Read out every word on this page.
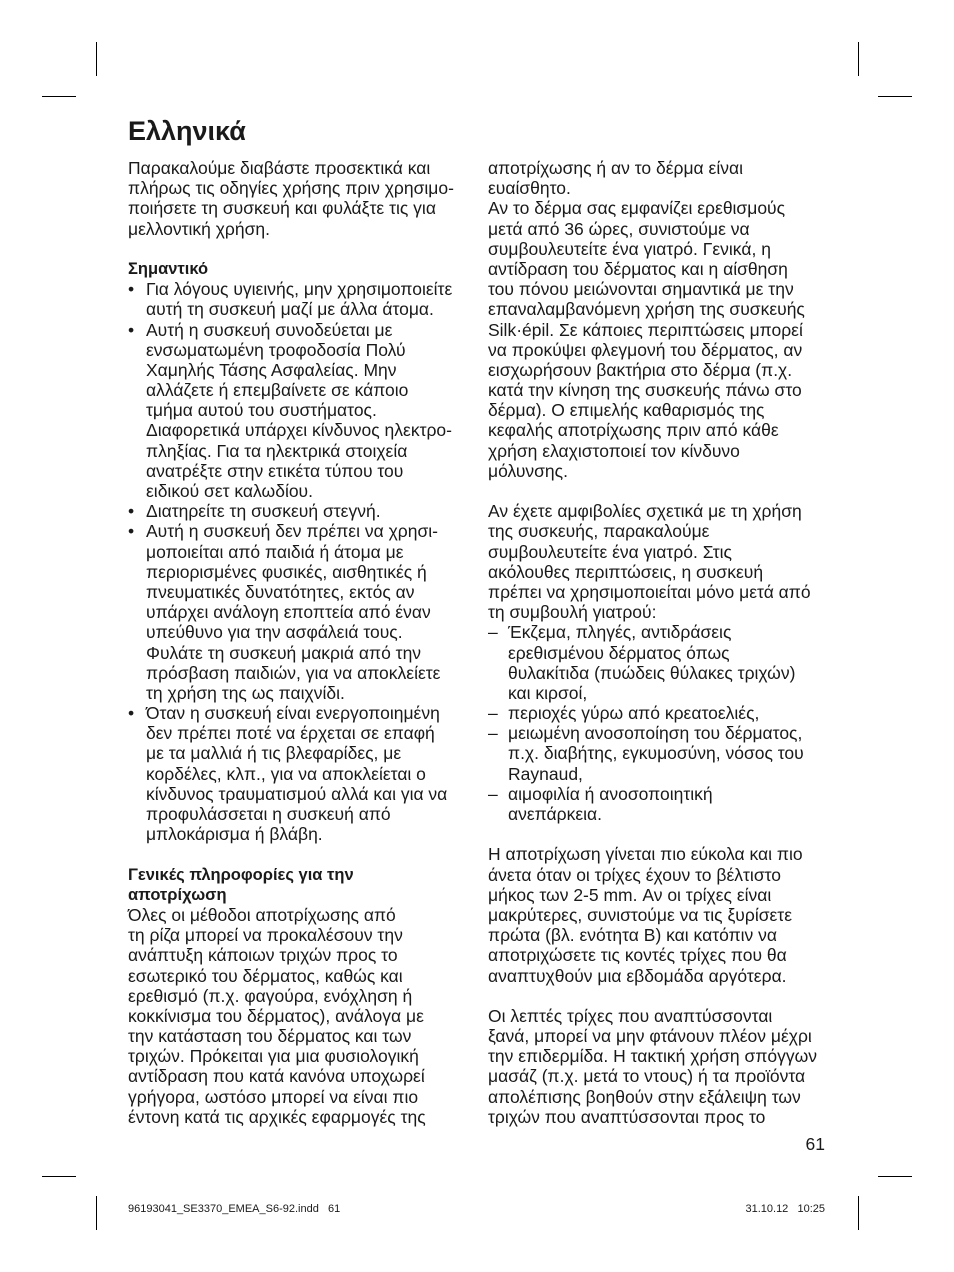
Ελληνικά
Παρακαλούμε διαβάστε προσεκτικά και
πλήρως τις οδηγίες χρήσης πριν χρησιμο-
ποιήσετε τη συσκευή και φυλάξτε τις για
μελλοντική χρήση.
Σημαντικό
• Για λόγους υγιεινής, μην χρησιμοποιείτε
αυτή τη συσκευή μαζί με άλλα άτομα.
• Αυτή η συσκευή συνοδεύεται με
ενσωματωμένη τροφοδοσία Πολύ
Χαμηλής Τάσης Ασφαλείας. Μην
αλλάζετε ή επεμβαίνετε σε κάποιο
τμήμα αυτού του συστήματος.
Διαφορετικά υπάρχει κίνδυνος ηλεκτρο-
πληξίας. Για τα ηλεκτρικά στοιχεία
ανατρέξτε στην ετικέτα τύπου του
ειδικού σετ καλωδίου.
• Διατηρείτε τη συσκευή στεγνή.
• Αυτή η συσκευή δεν πρέπει να χρησι-
μοποιείται από παιδιά ή άτομα με
περιορισμένες φυσικές, αισθητικές ή
πνευματικές δυνατότητες, εκτός αν
υπάρχει ανάλογη εποπτεία από έναν
υπεύθυνο για την ασφάλειά τους.
Φυλάτε τη συσκευή μακριά από την
πρόσβαση παιδιών, για να αποκλείετε
τη χρήση της ως παιχνίδι.
• Όταν η συσκευή είναι ενεργοποιημένη
δεν πρέπει ποτέ να έρχεται σε επαφή
με τα μαλλιά ή τις βλεφαρίδες, με
κορδέλες, κλπ., για να αποκλείεται ο
κίνδυνος τραυματισμού αλλά και για να
προφυλάσσεται η συσκευή από
μπλοκάρισμα ή βλάβη.
Γενικές πληροφορίες για την
αποτρίχωση
Όλες οι μέθοδοι αποτρίχωσης από
τη ρίζα μπορεί να προκαλέσουν την
ανάπτυξη κάποιων τριχών προς το
εσωτερικό του δέρματος, καθώς και
ερεθισμό (π.χ. φαγούρα, ενόχληση ή
κοκκίνισμα του δέρματος), ανάλογα με
την κατάσταση του δέρματος και των
τριχών. Πρόκειται για μια φυσιολογική
αντίδραση που κατά κανόνα υποχωρεί
γρήγορα, ωστόσο μπορεί να είναι πιο
έντονη κατά τις αρχικές εφαρμογές της
αποτρίχωσης ή αν το δέρμα είναι
ευαίσθητο.
Αν το δέρμα σας εμφανίζει ερεθισμούς
μετά από 36 ώρες, συνιστούμε να
συμβουλευτείτε ένα γιατρό. Γενικά, η
αντίδραση του δέρματος και η αίσθηση
του πόνου μειώνονται σημαντικά με την
επαναλαμβανόμενη χρήση της συσκευής
Silk·épil. Σε κάποιες περιπτώσεις μπορεί
να προκύψει φλεγμονή του δέρματος, αν
εισχωρήσουν βακτήρια στο δέρμα (π.χ.
κατά την κίνηση της συσκευής πάνω στο
δέρμα). Ο επιμελής καθαρισμός της
κεφαλής αποτρίχωσης πριν από κάθε
χρήση ελαχιστοποιεί τον κίνδυνο
μόλυνσης.
Αν έχετε αμφιβολίες σχετικά με τη χρήση
της συσκευής, παρακαλούμε
συμβουλευτείτε ένα γιατρό. Στις
ακόλουθες περιπτώσεις, η συσκευή
πρέπει να χρησιμοποιείται μόνο μετά από
τη συμβουλή γιατρού:
– Έκζεμα, πληγές, αντιδράσεις
ερεθισμένου δέρματος όπως
θυλακίτιδα (πυώδεις θύλακες τριχών)
και κιρσοί,
– περιοχές γύρω από κρεατοελιές,
– μειωμένη ανοσοποίηση του δέρματος,
π.χ. διαβήτης, εγκυμοσύνη, νόσος του
Raynaud,
– αιμοφιλία ή ανοσοποιητική
ανεπάρκεια.
Η αποτρίχωση γίνεται πιο εύκολα και πιο
άνετα όταν οι τρίχες έχουν το βέλτιστο
μήκος των 2-5 mm. Αν οι τρίχες είναι
μακρύτερες, συνιστούμε να τις ξυρίσετε
πρώτα (βλ. ενότητα B) και κατόπιν να
αποτριχώσετε τις κοντές τρίχες που θα
αναπτυχθούν μια εβδομάδα αργότερα.
Οι λεπτές τρίχες που αναπτύσσονται
ξανά, μπορεί να μην φτάνουν πλέον μέχρι
την επιδερμίδα. Η τακτική χρήση σπόγγων
μασάζ (π.χ. μετά το ντους) ή τα προϊόντα
απολέπισης βοηθούν στην εξάλειψη των
τριχών που αναπτύσσονται προς το
61
96193041_SE3370_EMEA_S6-92.indd   61	31.10.12   10:25
